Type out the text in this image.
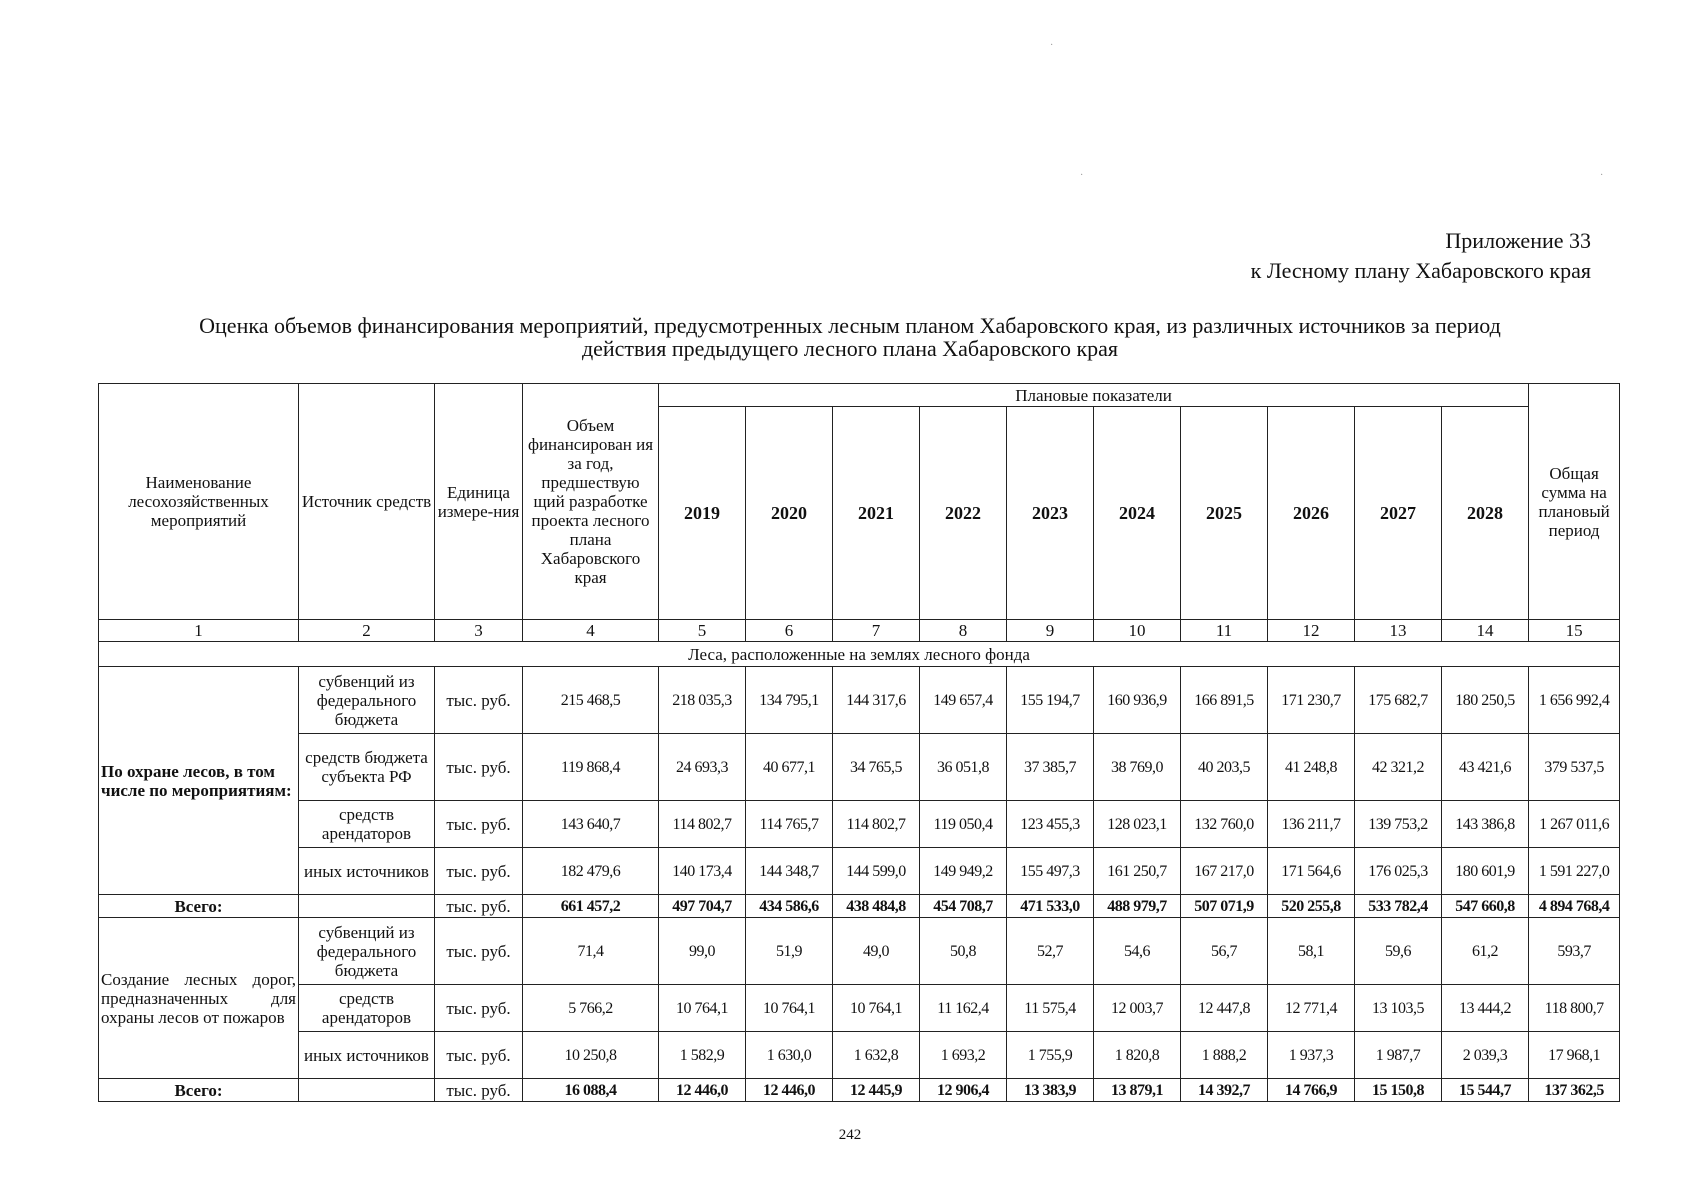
Приложение 33
к Лесному плану Хабаровского края
Оценка объемов финансирования мероприятий, предусмотренных лесным планом Хабаровского края, из различных источников за период
действия предыдущего лесного плана Хабаровского края
·
·	·
Наименование лесохозяйственных мероприятий	Источник средств	Единица измере-ния	Объем финансирован ия за год, предшествую щий разработке проекта лесного плана Хабаровского края	Плановые показатели										Общая сумма на плановый период
				2019	2020	2021	2022	2023	2024	2025	2026	2027	2028	
1	2	3	4	5	6	7	8	9	10	11	12	13	14	15
Леса, расположенные на землях лесного фонда														
По охране лесов, в том числе по мероприятиям:	субвенций из федерального бюджета	тыс. руб.	215 468,5	218 035,3	134 795,1	144 317,6	149 657,4	155 194,7	160 936,9	166 891,5	171 230,7	175 682,7	180 250,5	1 656 992,4
	средств бюджета субъекта РФ	тыс. руб.	119 868,4	24 693,3	40 677,1	34 765,5	36 051,8	37 385,7	38 769,0	40 203,5	41 248,8	42 321,2	43 421,6	379 537,5
	средств арендаторов	тыс. руб.	143 640,7	114 802,7	114 765,7	114 802,7	119 050,4	123 455,3	128 023,1	132 760,0	136 211,7	139 753,2	143 386,8	1 267 011,6
	иных источников	тыс. руб.	182 479,6	140 173,4	144 348,7	144 599,0	149 949,2	155 497,3	161 250,7	167 217,0	171 564,6	176 025,3	180 601,9	1 591 227,0
Всего:		тыс. руб.	661 457,2	497 704,7	434 586,6	438 484,8	454 708,7	471 533,0	488 979,7	507 071,9	520 255,8	533 782,4	547 660,8	4 894 768,4
Создание лесных дорог, предназначенных для охраны лесов от пожаров	субвенций из федерального бюджета	тыс. руб.	71,4	99,0	51,9	49,0	50,8	52,7	54,6	56,7	58,1	59,6	61,2	593,7
	средств арендаторов	тыс. руб.	5 766,2	10 764,1	10 764,1	10 764,1	11 162,4	11 575,4	12 003,7	12 447,8	12 771,4	13 103,5	13 444,2	118 800,7
	иных источников	тыс. руб.	10 250,8	1 582,9	1 630,0	1 632,8	1 693,2	1 755,9	1 820,8	1 888,2	1 937,3	1 987,7	2 039,3	17 968,1
Всего:		тыс. руб.	16 088,4	12 446,0	12 446,0	12 445,9	12 906,4	13 383,9	13 879,1	14 392,7	14 766,9	15 150,8	15 544,7	137 362,5
242
